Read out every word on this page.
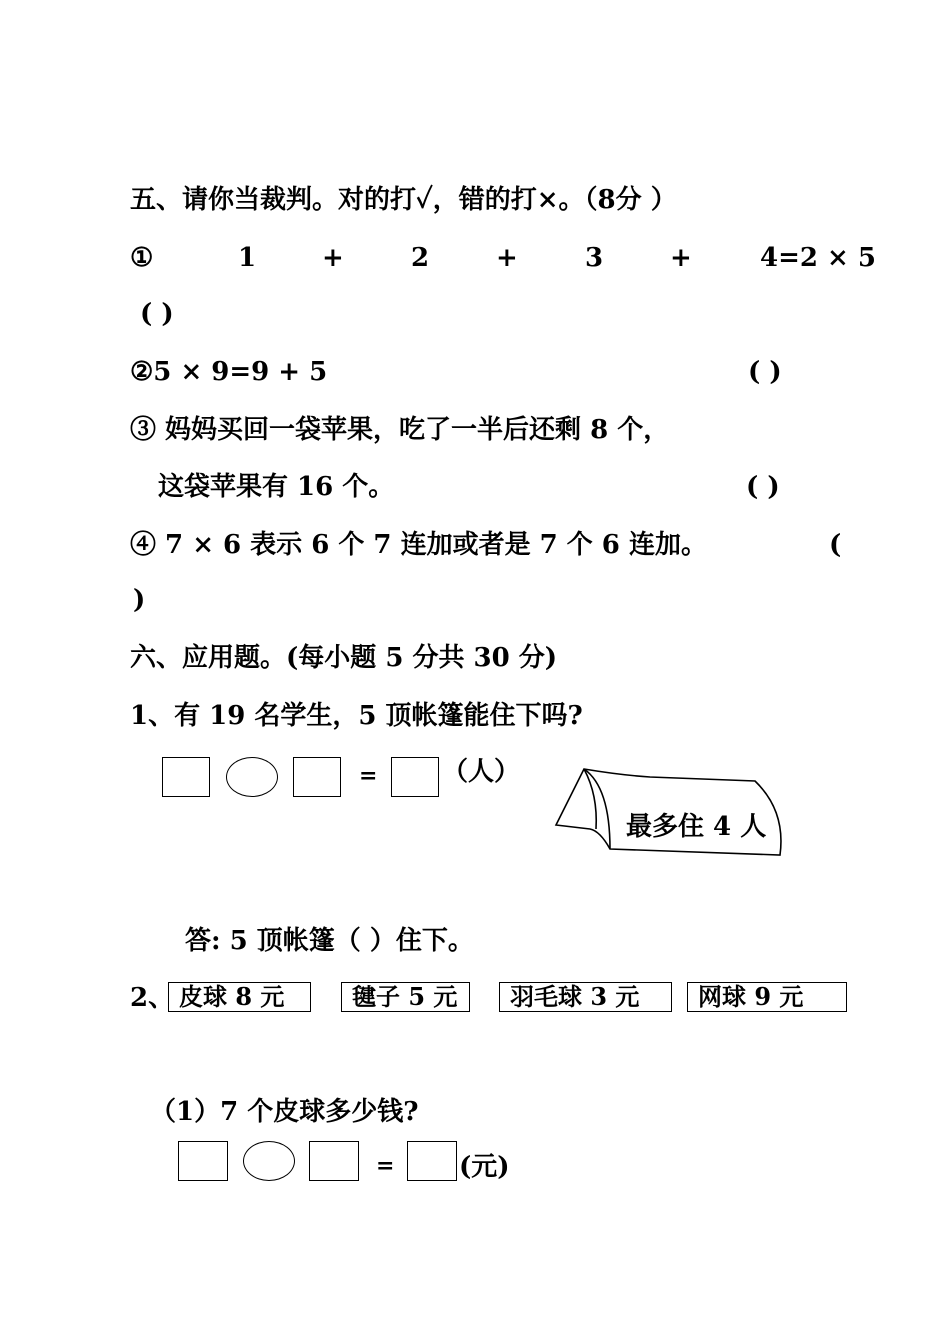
五、请你当裁判。对的打✓，错的打×。（8分 ）
①	1	+	2	+	3	+	4=2 × 5
( )
②5 × 9=9 + 5	( )
③ 妈妈买回一袋苹果，吃了一半后还剩 8 个，
这袋苹果有 16 个。	( )
④ 7 × 6 表示 6 个 7 连加或者是 7 个 6 连加。	(
)
六、应用题。(每小题 5 分共 30 分)
1、有 19 名学生，5 顶帐篷能住下吗?
= （人）
最多住 4 人
答: 5 顶帐篷（ ）住下。
2、 皮球 8 元	毽子 5 元	羽毛球 3 元	网球 9 元
（1）7 个皮球多少钱?
= (元)
